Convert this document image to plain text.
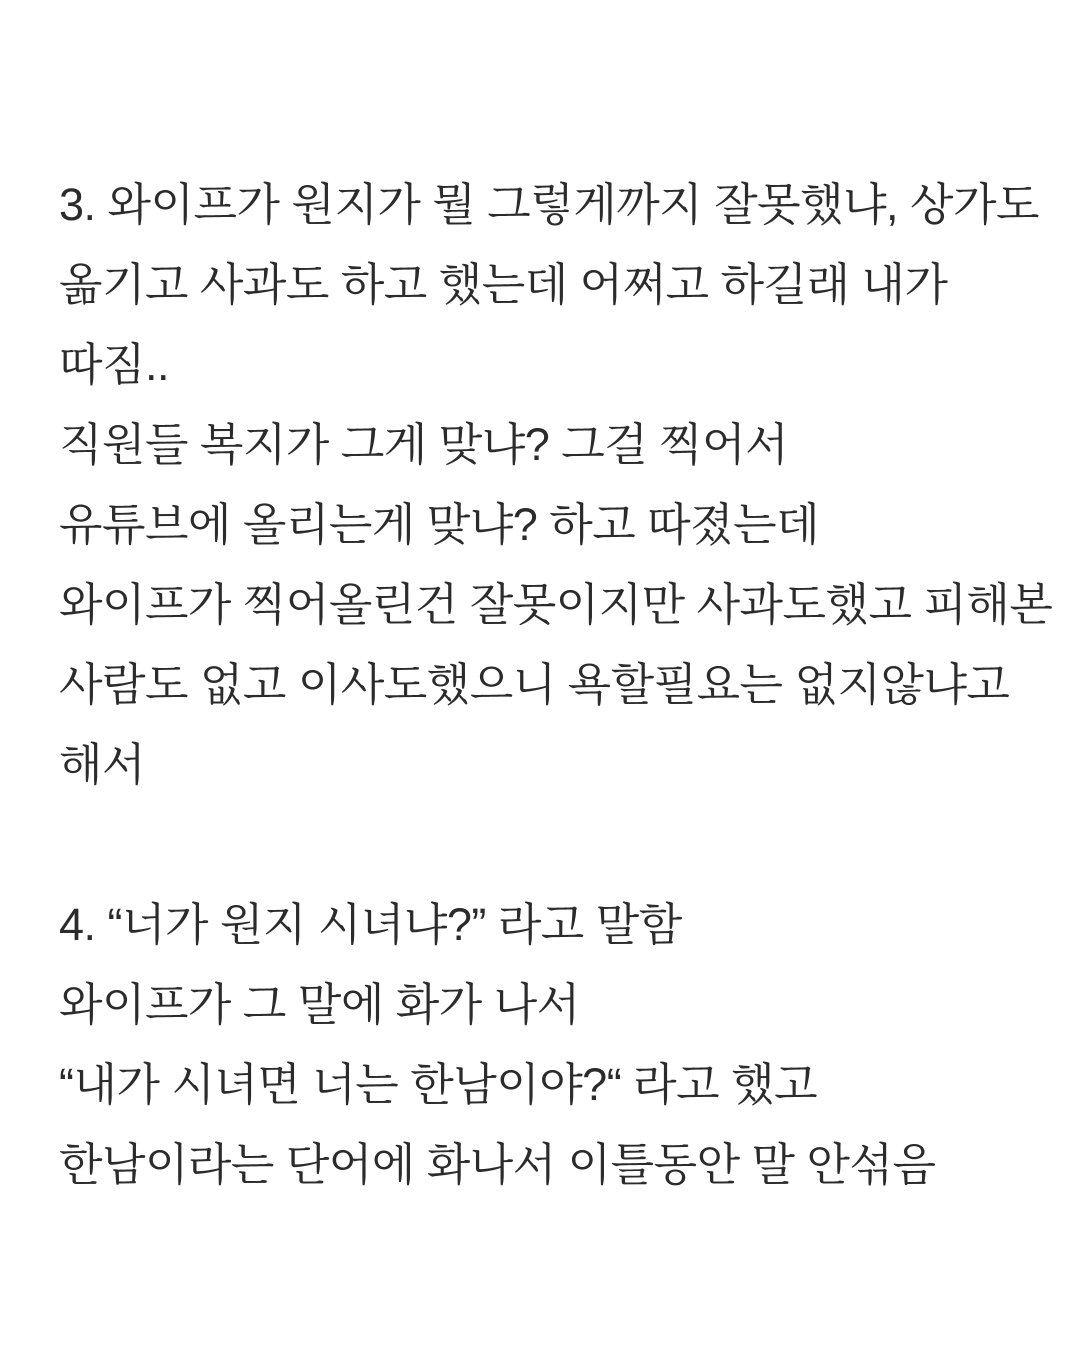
3. 와이프가 원지가 뭘 그렇게까지 잘못했냐, 상가도
옮기고 사과도 하고 했는데 어쩌고 하길래 내가
따짐..
직원들 복지가 그게 맞냐? 그걸 찍어서
유튜브에 올리는게 맞냐? 하고 따졌는데
와이프가 찍어올린건 잘못이지만 사과도했고 피해본
사람도 없고 이사도했으니 욕할필요는 없지않냐고
해서
4. “너가 원지 시녀냐?” 라고 말함
와이프가 그 말에 화가 나서
“내가 시녀면 너는 한남이야?“ 라고 했고
한남이라는 단어에 화나서 이틀동안 말 안섞음
